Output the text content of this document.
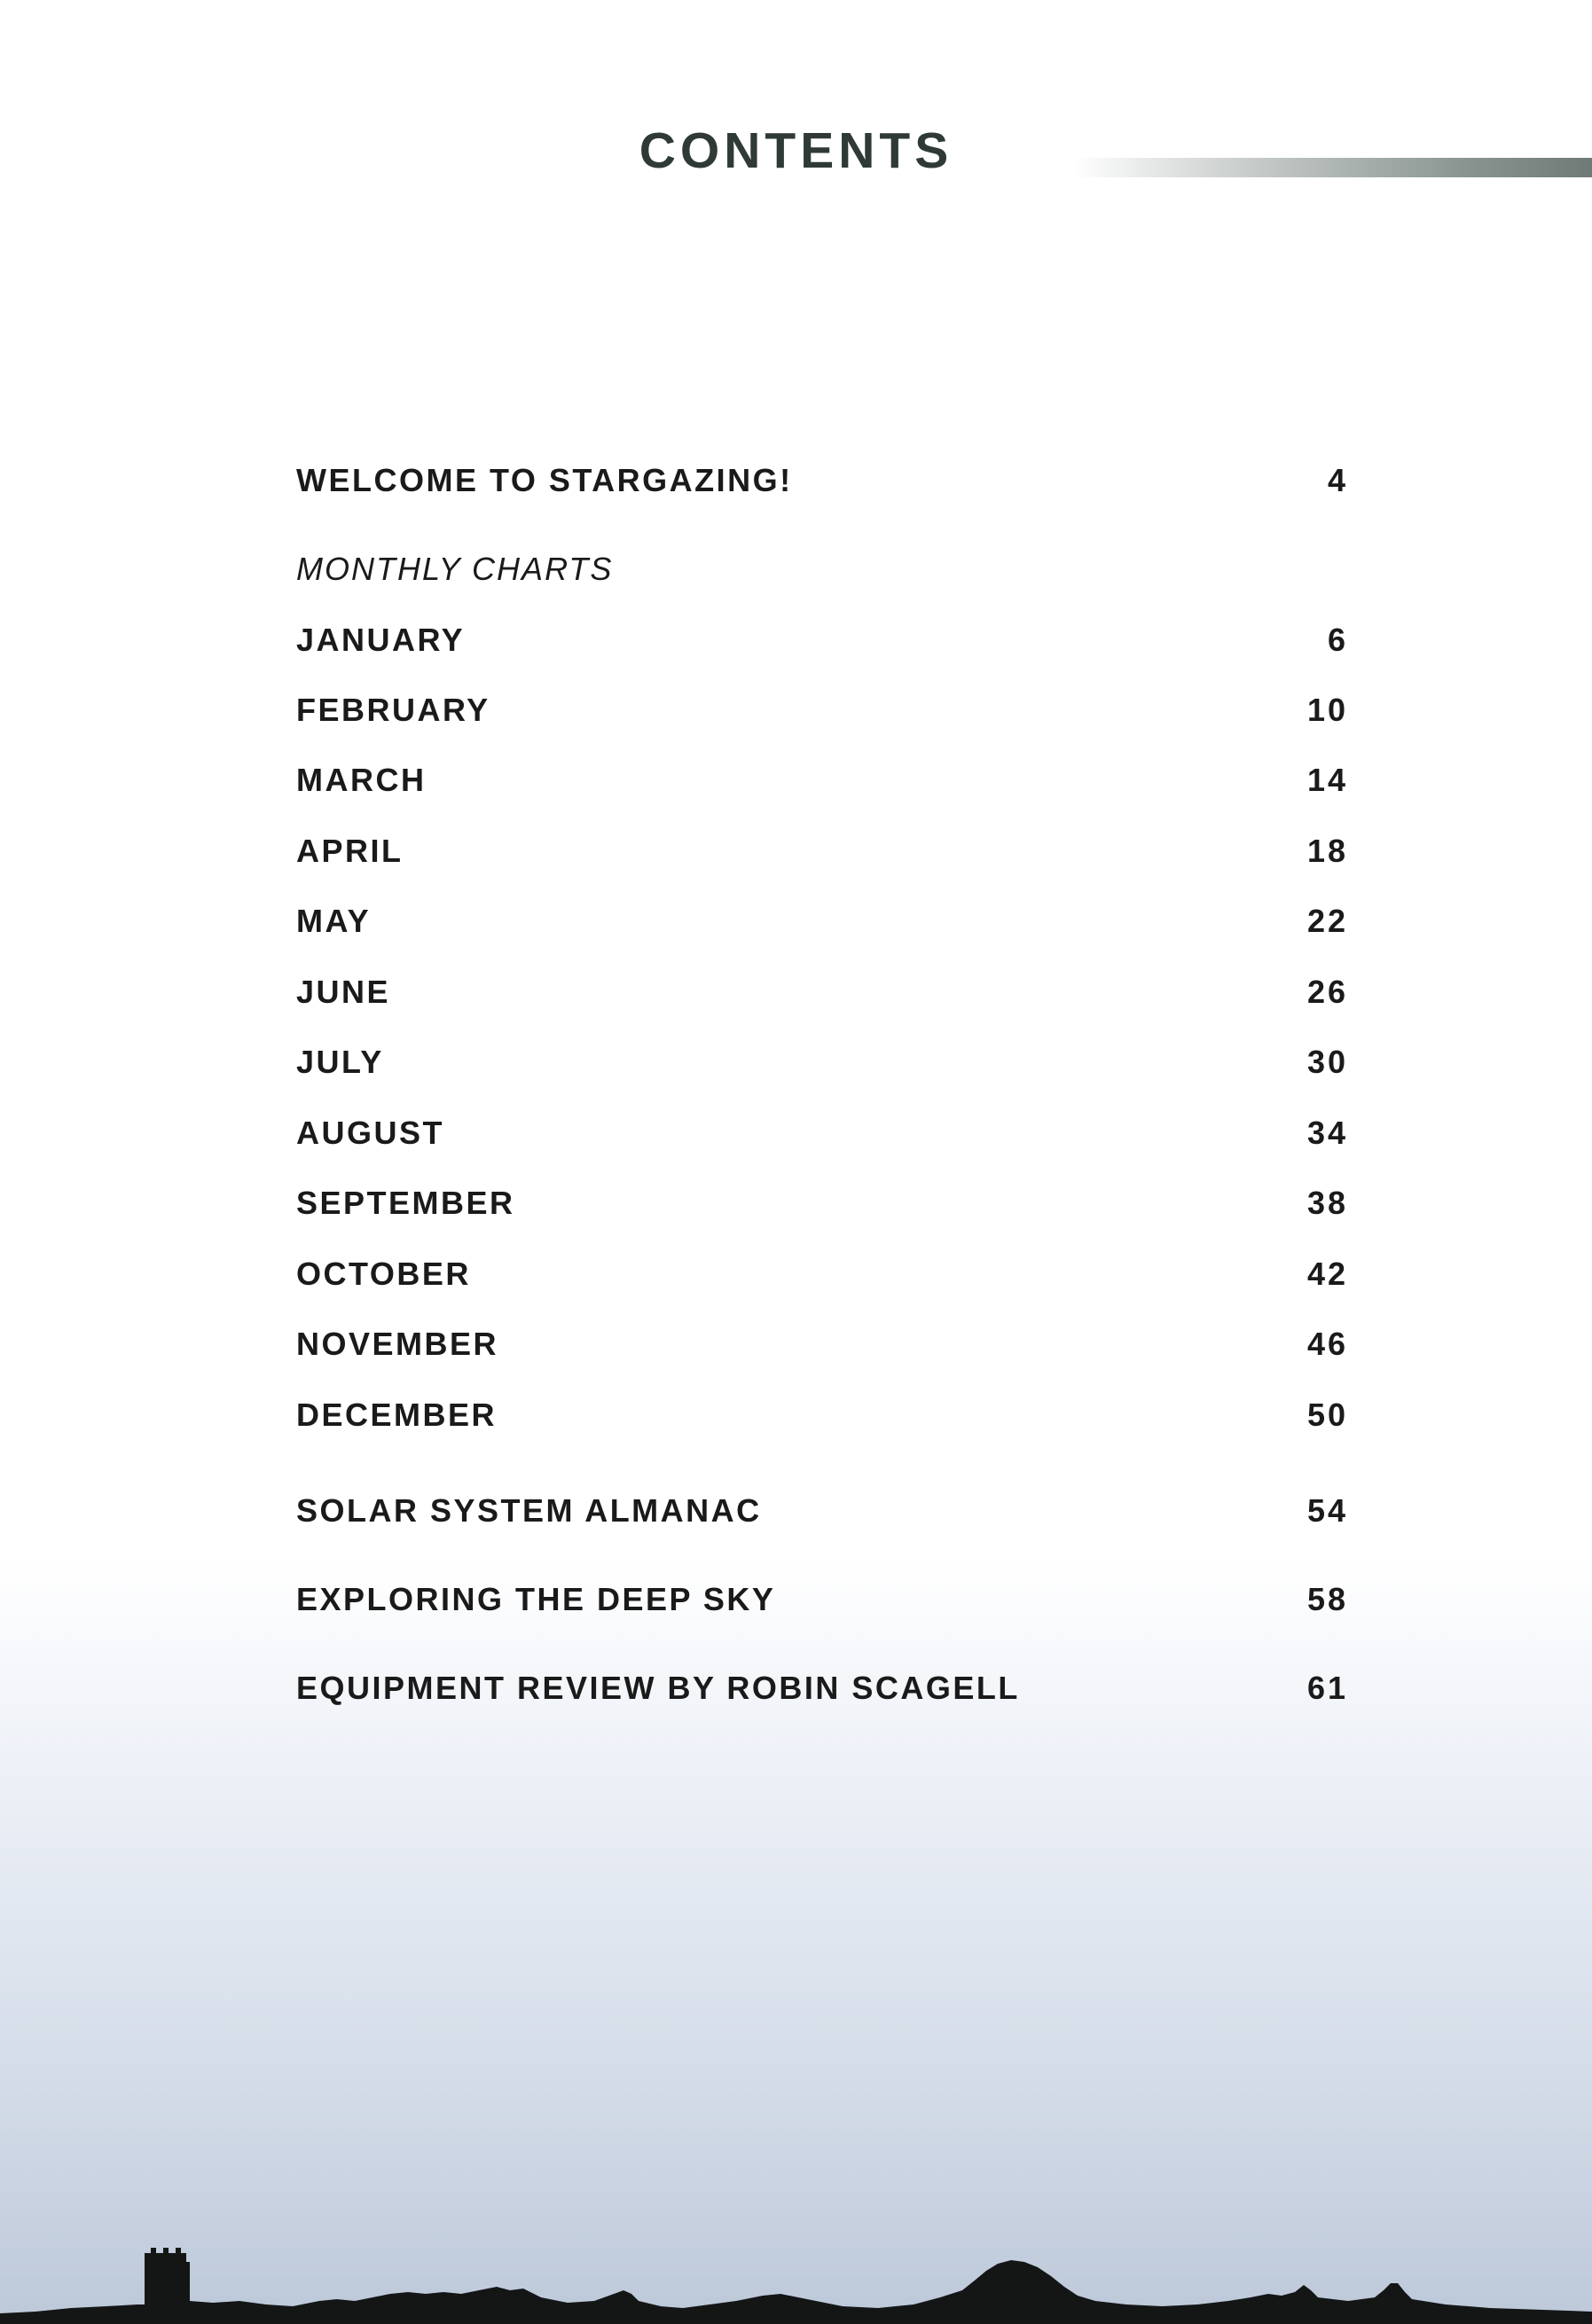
CONTENTS
WELCOME TO STARGAZING!	4
MONTHLY CHARTS
JANUARY	6
FEBRUARY	10
MARCH	14
APRIL	18
MAY	22
JUNE	26
JULY	30
AUGUST	34
SEPTEMBER	38
OCTOBER	42
NOVEMBER	46
DECEMBER	50
SOLAR SYSTEM ALMANAC	54
EXPLORING THE DEEP SKY	58
EQUIPMENT REVIEW BY ROBIN SCAGELL	61
